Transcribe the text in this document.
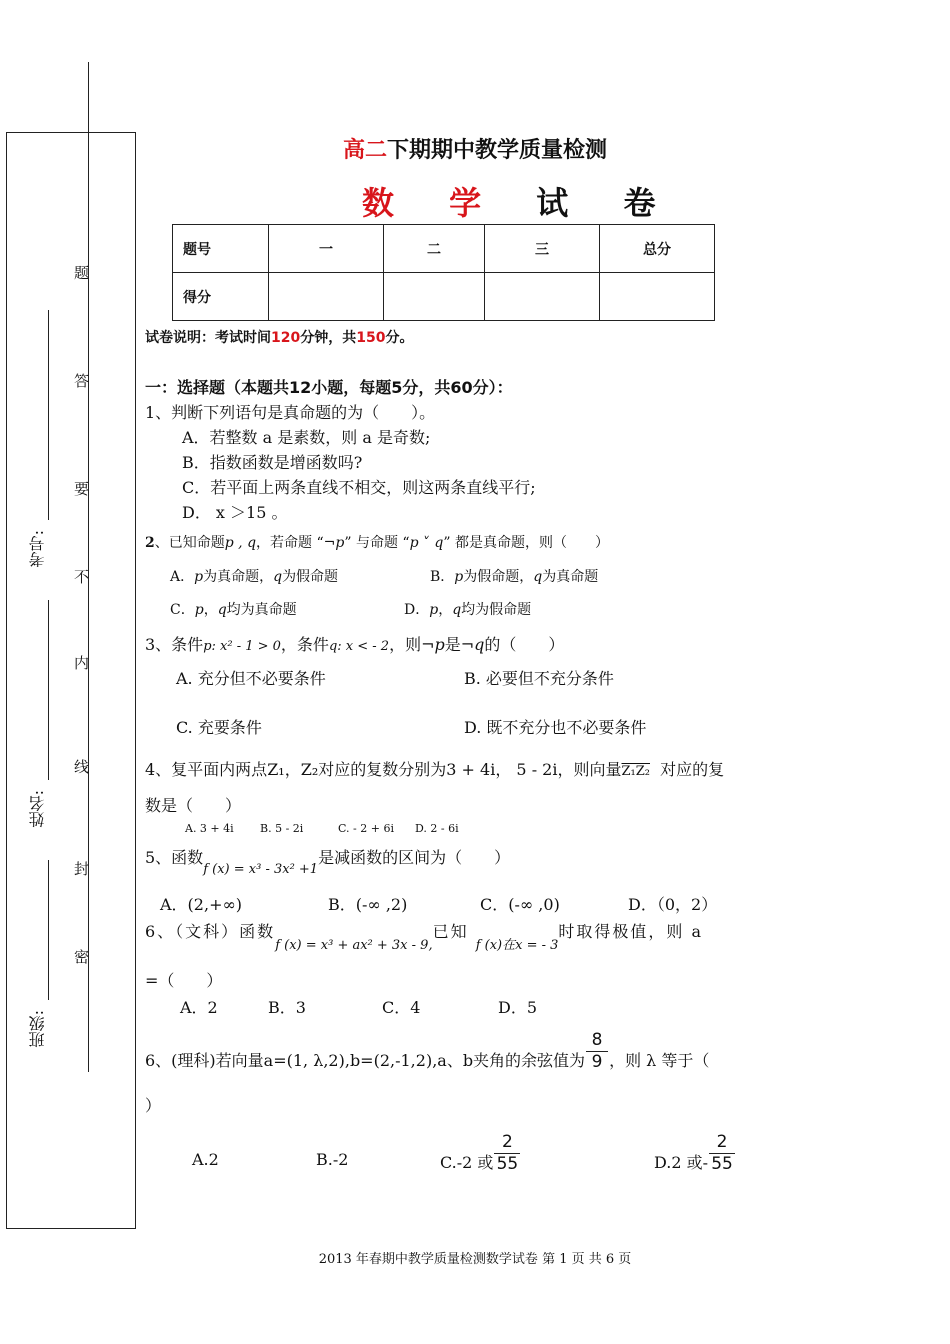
题
答
要
不
内
线
封
密
班级:
姓名:
考号:
高二下期期中教学质量检测
数 学 试 卷
题号	一	二	三	总分
得分				
试卷说明：考试时间120分钟，共150分。
一：选择题（本题共12小题，每题5分，共60分）：
1、判断下列语句是真命题的为（　　）。
A．若整数 a 是素数，则 a 是奇数;
B．指数函数是增函数吗?
C．若平面上两条直线不相交，则这两条直线平行;
D． x ＞15 。
2、已知命题p , q，若命题 “¬p” 与命题 “p ˅ q” 都是真命题，则（　　）
A．p为真命题，q为假命题	B．p为假命题，q为真命题
C．p，q均为真命题	D．p，q均为假命题
3、条件p: x² - 1 > 0，条件q: x < - 2，则¬p是¬q的（　　）
A. 充分但不必要条件	B. 必要但不充分条件
C. 充要条件	D. 既不充分也不必要条件
4、复平面内两点Z₁，Z₂对应的复数分别为3 + 4i， 5 - 2i，则向量Z₁Z₂ 对应的复
数是（　　）
A. 3 + 4i B. 5 - 2i	C. - 2 + 6i D. 2 - 6i
5、函数$_{f (x) = x^3 - 3x^2 +1}$是减函数的区间为（　　）
A．(2,+∞)	B．(-∞ ,2)	C．(-∞ ,0)	D．（0，2）
6、（文科）函数$_{f (x) = x^3 + ax^2 + 3x - 9,}$已知 $_{f (x)在x = - 3}$时取得极值，则 a
=（　　）
A．2	B．3	C．4	D．5
6、(理科)若向量a=(1, λ,2),b=(2,-1,2),a、b夹角的余弦值为 $\frac{8}{9}$ ，则 λ 等于（
）
A.2	B.-2	C.-2 或 $\frac{2}{55}$	D.2 或- $\frac{2}{55}$
2013 年春期中教学质量检测数学试卷 第 1 页 共 6 页
